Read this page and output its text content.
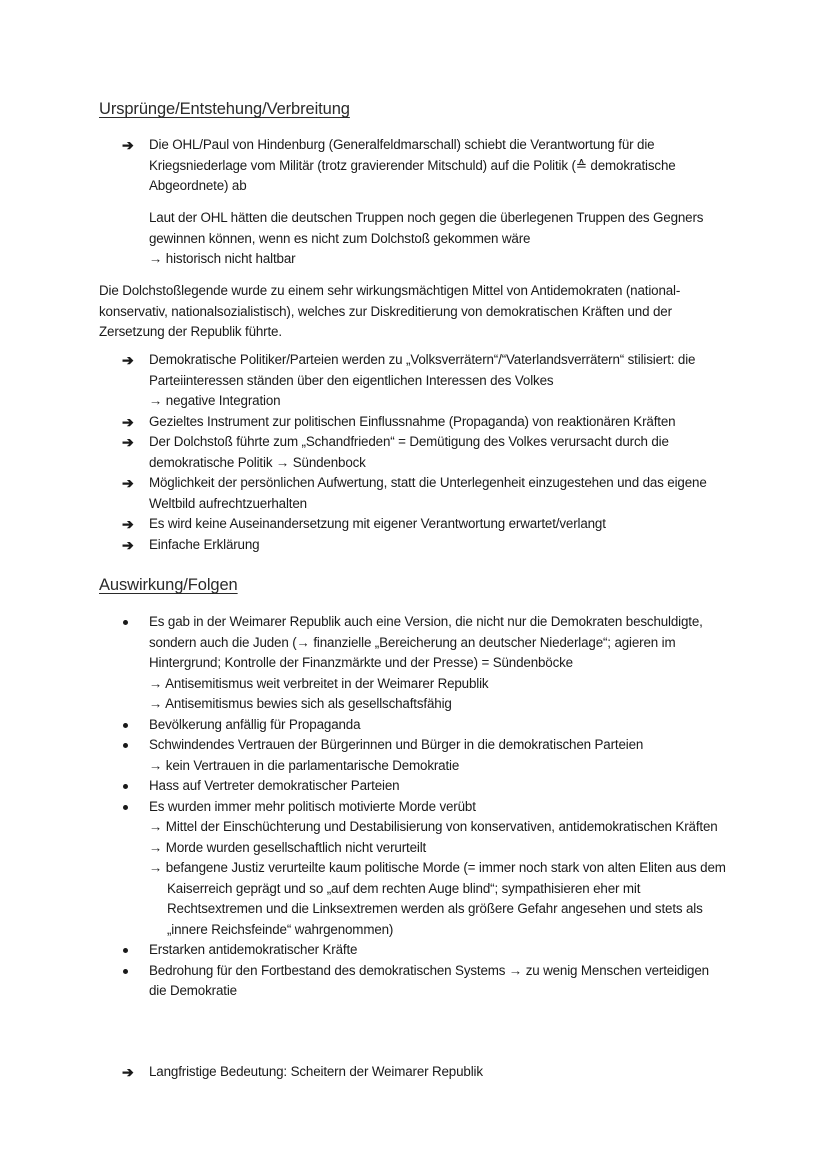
Ursprünge/Entstehung/Verbreitung
➔ Die OHL/Paul von Hindenburg (Generalfeldmarschall) schiebt die Verantwortung für die Kriegsniederlage vom Militär (trotz gravierender Mitschuld) auf die Politik (≙ demokratische Abgeordnete) ab
Laut der OHL hätten die deutschen Truppen noch gegen die überlegenen Truppen des Gegners gewinnen können, wenn es nicht zum Dolchstoß gekommen wäre
→ historisch nicht haltbar
Die Dolchstoßlegende wurde zu einem sehr wirkungsmächtigen Mittel von Antidemokraten (national-konservativ, nationalsozialistisch), welches zur Diskreditierung von demokratischen Kräften und der Zersetzung der Republik führte.
➔ Demokratische Politiker/Parteien werden zu „Volksverrätern“/“Vaterlandsverrätern“ stilisiert: die Parteiinteressen ständen über den eigentlichen Interessen des Volkes
→ negative Integration
➔ Gezieltes Instrument zur politischen Einflussnahme (Propaganda) von reaktionären Kräften
➔ Der Dolchstoß führte zum „Schandfrieden“ = Demütigung des Volkes verursacht durch die demokratische Politik → Sündenbock
➔ Möglichkeit der persönlichen Aufwertung, statt die Unterlegenheit einzugestehen und das eigene Weltbild aufrechtzuerhalten
➔ Es wird keine Auseinandersetzung mit eigener Verantwortung erwartet/verlangt
➔ Einfache Erklärung
Auswirkung/Folgen
Es gab in der Weimarer Republik auch eine Version, die nicht nur die Demokraten beschuldigte, sondern auch die Juden (→ finanzielle „Bereicherung an deutscher Niederlage“; agieren im Hintergrund; Kontrolle der Finanzmärkte und der Presse) = Sündenböcke
→ Antisemitismus weit verbreitet in der Weimarer Republik
→ Antisemitismus bewies sich als gesellschaftsfähig
Bevölkerung anfällig für Propaganda
Schwindendes Vertrauen der Bürgerinnen und Bürger in die demokratischen Parteien
→ kein Vertrauen in die parlamentarische Demokratie
Hass auf Vertreter demokratischer Parteien
Es wurden immer mehr politisch motivierte Morde verübt
→ Mittel der Einschüchterung und Destabilisierung von konservativen, antidemokratischen Kräften
→ Morde wurden gesellschaftlich nicht verurteilt
→ befangene Justiz verurteilte kaum politische Morde (= immer noch stark von alten Eliten aus dem Kaiserreich geprägt und so „auf dem rechten Auge blind“; sympathisieren eher mit Rechtsextremen und die Linksextremen werden als größere Gefahr angesehen und stets als „innere Reichsfeinde“ wahrgenommen)
Erstarken antidemokratischer Kräfte
Bedrohung für den Fortbestand des demokratischen Systems → zu wenig Menschen verteidigen die Demokratie
➔ Langfristige Bedeutung: Scheitern der Weimarer Republik
